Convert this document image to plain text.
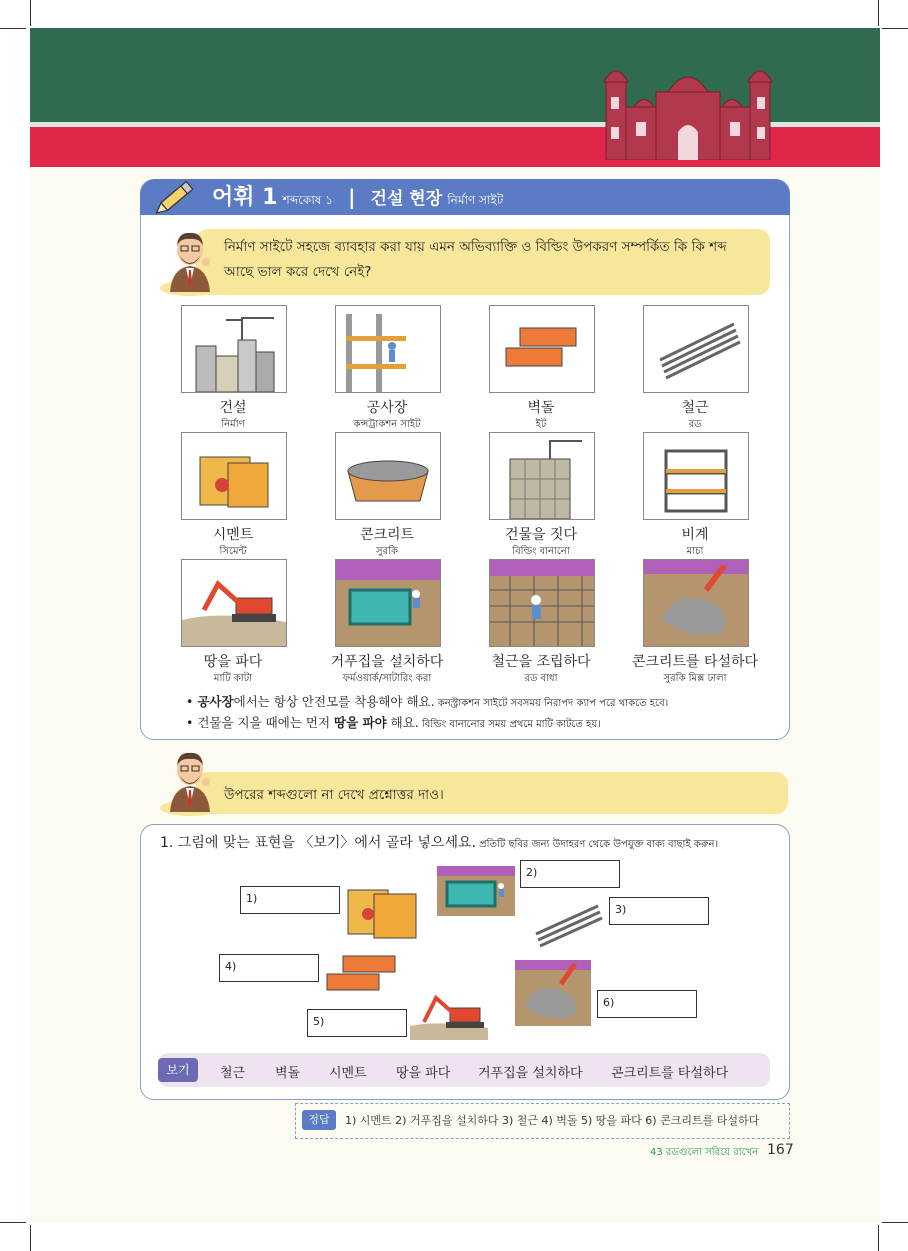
어휘 1 শব্দকোষ ১ | 건설 현장 নির্মাণ সাইট
নির্মাণ সাইটে সহজে ব্যাবহার করা যায় এমন অভিব্যাক্তি ও বিল্ডিং উপকরণ সম্পর্কিত কি কি শব্দ
আছে ভাল করে দেখে নেই?
건설
নির্মাণ
공사장
কন্সট্রাকশন সাইট
벽돌
ইট
철근
রড
시멘트
সিমেন্ট
콘크리트
সুরকি
건물을 짓다
বিল্ডিং বানানো
비계
মাচা
땅을 파다
মাটি কাটা
거푸집을 설치하다
ফর্মওয়ার্ক/সাটারিং করা
철근을 조립하다
রড বাধা
콘크리트를 타설하다
সুরকি মিক্স ঢালা
• 공사장에서는 항상 안전모를 착용해야 해요. কনস্ট্রাকশন সাইটে সবসময় নিরাপদ ক্যাপ পরে থাকতে হবে।
• 건물을 지을 때에는 먼저 땅을 파야 해요. বিল্ডিং বানানোর সময় প্রথমে মাটি কাটতে হয়।
উপরের শব্দগুলো না দেখে প্রশ্নোত্তর দাও।
1. 그림에 맞는 표현을 〈보기〉에서 골라 넣으세요. প্রতিটি ছবির জন্য উদাহরণ থেকে উপযুক্ত বাক্য বাছাই করুন।
1)
2)
3)
4)
5)
6)
보기	철근 벽돌 시멘트 땅을 파다 거푸집을 설치하다 콘크리트를 타설하다
정답	1) 시멘트 2) 거푸집을 설치하다 3) 철근 4) 벽돌 5) 땅을 파다 6) 콘크리트를 타설하다
43 রডগুলো সরিয়ে রাখেন 167
